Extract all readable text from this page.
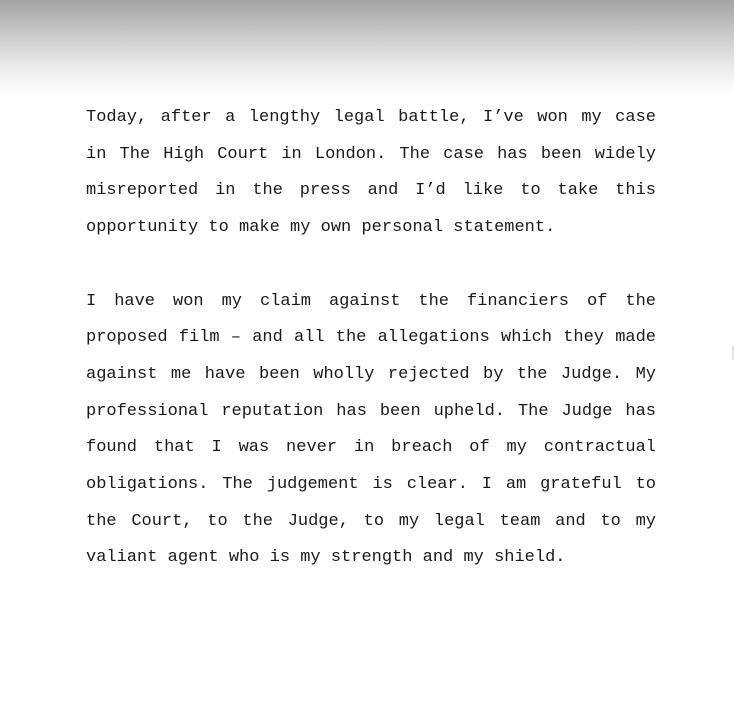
Today, after a lengthy legal battle, I’ve won my case in The High Court in London. The case has been widely misreported in the press and I’d like to take this opportunity to make my own personal statement.

I have won my claim against the financiers of the proposed film – and all the allegations which they made against me have been wholly rejected by the Judge. My professional reputation has been upheld. The Judge has found that I was never in breach of my contractual obligations. The judgement is clear. I am grateful to the Court, to the Judge, to my legal team and to my valiant agent who is my strength and my shield.
